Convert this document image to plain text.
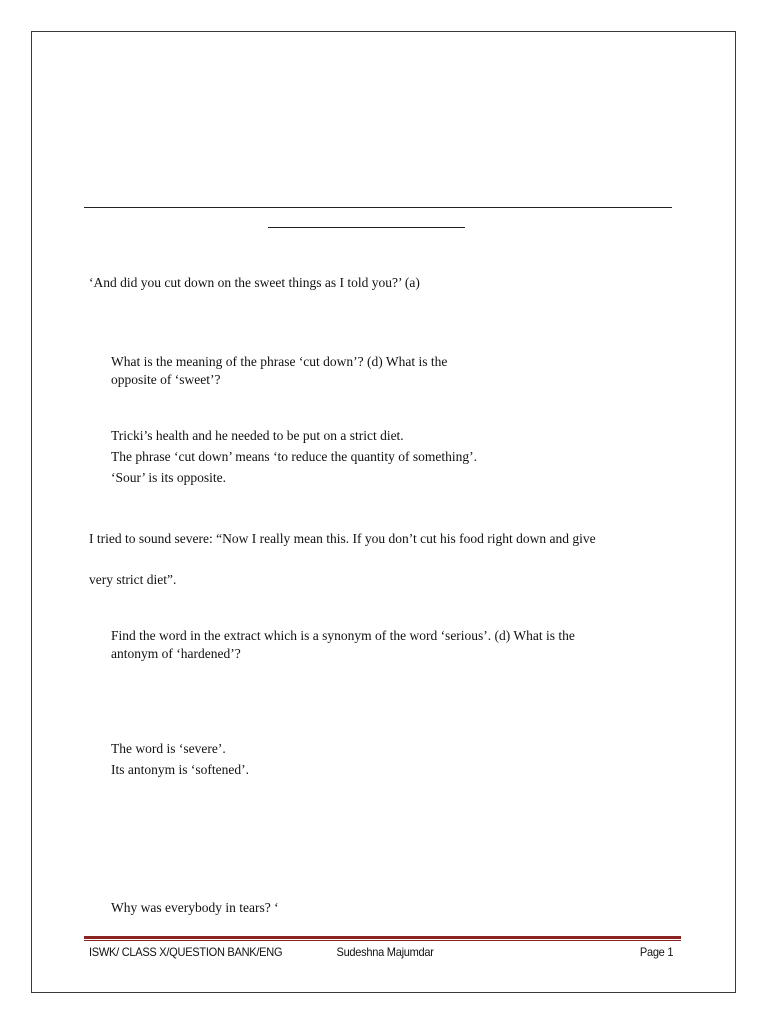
‘And did you cut down on the sweet things as I told you?’ (a)
What is the meaning of the phrase ‘cut down’? (d) What is the
opposite of ‘sweet’?
Tricki’s health and he needed to be put on a strict diet.
The phrase ‘cut down’ means ‘to reduce the quantity of something’.
‘Sour’ is its opposite.
I tried to sound severe: “Now I really mean this. If you don’t cut his food right down and give
very strict diet”.
Find the word in the extract which is a synonym of the word ‘serious’. (d) What is the
antonym of ‘hardened’?
The word is ‘severe’.
Its antonym is ‘softened’.
Why was everybody in tears? ‘
ISWK/ CLASS X/QUESTION BANK/ENG	Sudeshna Majumdar	Page 1
